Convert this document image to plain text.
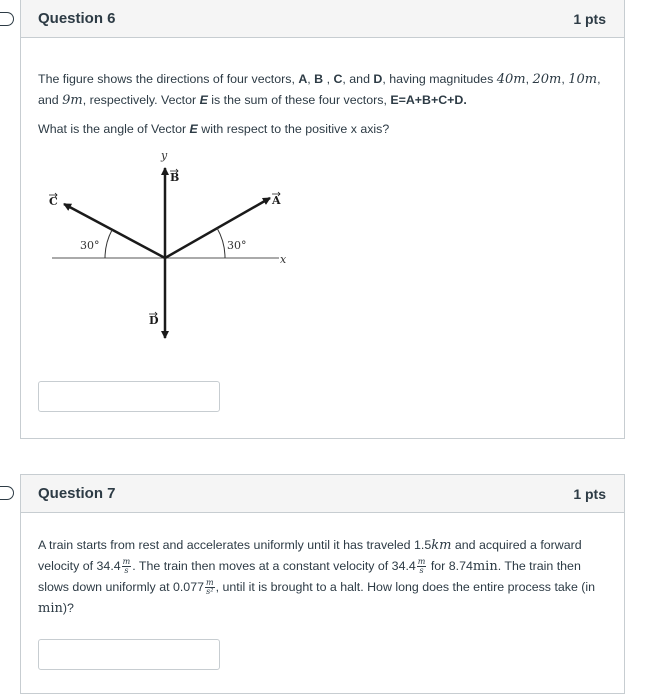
Question 6	1 pts

The figure shows the directions of four vectors, A, B , C, and D, having magnitudes 40m, 20m, 10m, and 9m, respectively. Vector E is the sum of these four vectors, E=A+B+C+D.

What is the angle of Vector E with respect to the positive x axis?

x
y
B
D
A
C
30°	30°
Question 7	1 pts

A train starts from rest and accelerates uniformly until it has traveled 1.5km and acquired a forward velocity of $34.4 \frac{m}{s}$ . The train then moves at a constant velocity of $34.4 \frac{m}{s}$ for 8.74min. The train then slows down uniformly at $0.077 \frac{m}{\text{s²}}$ , until it is brought to a halt. How long does the entire process take (in min)?
